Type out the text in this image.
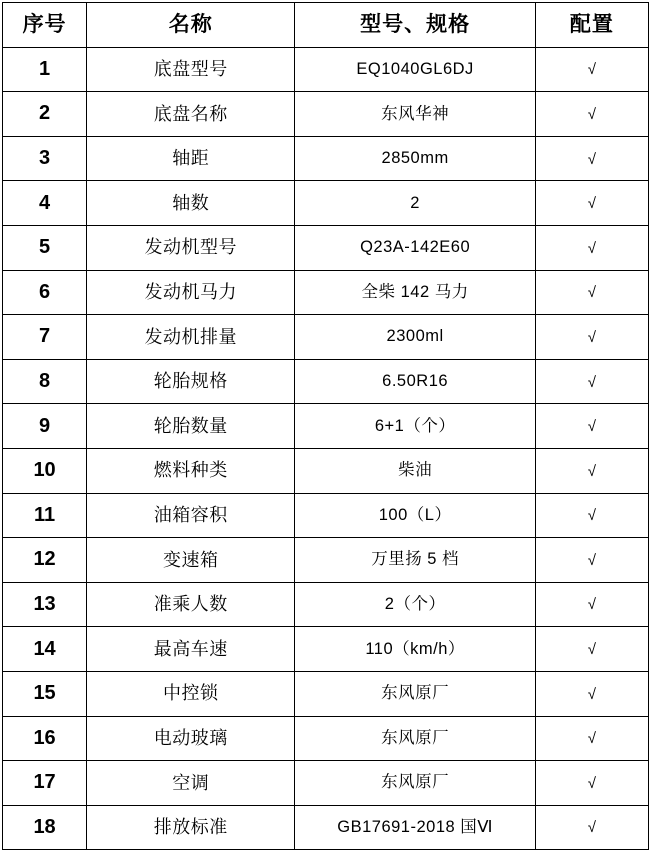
序号	名称	型号、规格	配置
1	底盘型号	EQ1040GL6DJ	√
2	底盘名称	东风华神	√
3	轴距	2850mm	√
4	轴数	2	√
5	发动机型号	Q23A-142E60	√
6	发动机马力	全柴 142 马力	√
7	发动机排量	2300ml	√
8	轮胎规格	6.50R16	√
9	轮胎数量	6+1（个）	√
10	燃料种类	柴油	√
11	油箱容积	100（L）	√
12	变速箱	万里扬 5 档	√
13	准乘人数	2（个）	√
14	最高车速	110（km/h）	√
15	中控锁	东风原厂	√
16	电动玻璃	东风原厂	√
17	空调	东风原厂	√
18	排放标准	GB17691-2018 国Ⅵ	√
